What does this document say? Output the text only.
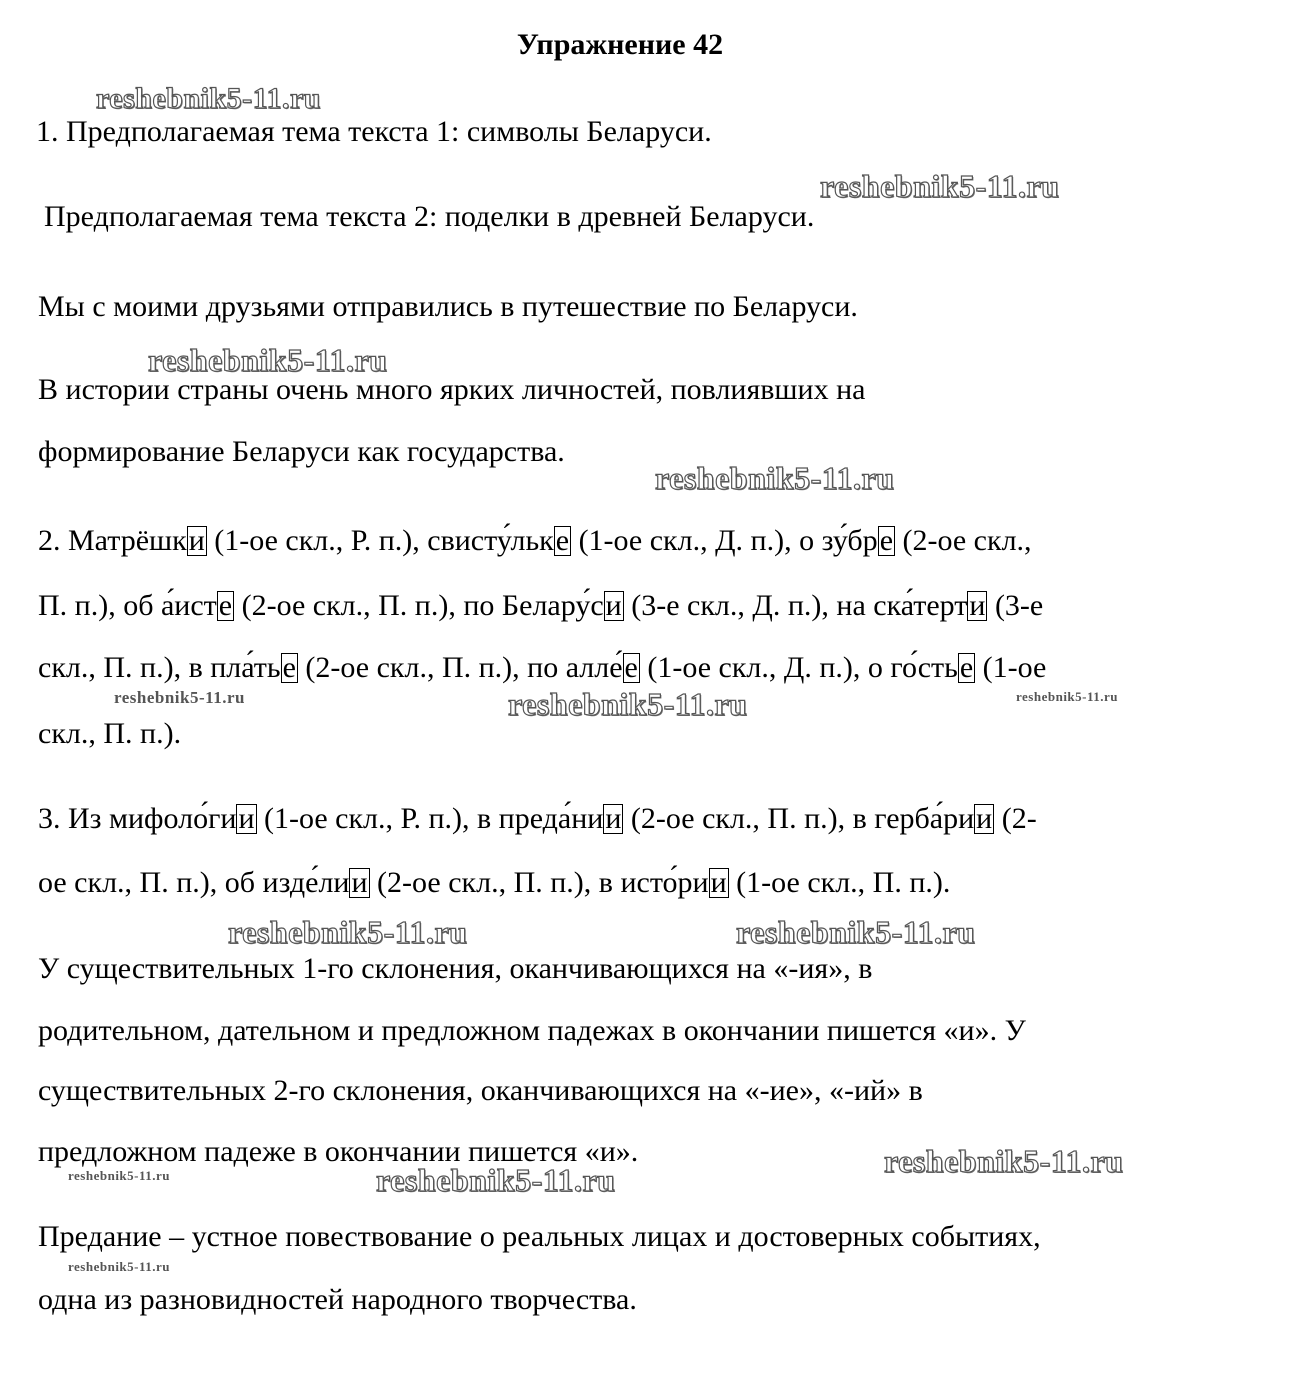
Упражнение 42
1. Предполагаемая тема текста 1: символы Беларуси.
Предполагаемая тема текста 2: поделки в древней Беларуси.
Мы с моими друзьями отправились в путешествие по Беларуси.
В истории страны очень много ярких личностей, повлиявших на
формирование Беларуси как государства.
2. Матрёшки (1-ое скл., Р. п.), свисту́льке (1-ое скл., Д. п.), о зу́бре (2-ое скл.,
П. п.), об а́исте (2-ое скл., П. п.), по Белару́си (3-е скл., Д. п.), на ска́терти (3-е
скл., П. п.), в пла́тье (2-ое скл., П. п.), по алле́е (1-ое скл., Д. п.), о го́стье (1-ое
скл., П. п.).
3. Из мифоло́гии (1-ое скл., Р. п.), в преда́нии (2-ое скл., П. п.), в герба́рии (2-
ое скл., П. п.), об изде́лии (2-ое скл., П. п.), в исто́рии (1-ое скл., П. п.).
У существительных 1-го склонения, оканчивающихся на «-ия», в
родительном, дательном и предложном падежах в окончании пишется «и». У
существительных 2-го склонения, оканчивающихся на «-ие», «-ий» в
предложном падеже в окончании пишется «и».
Предание – устное повествование о реальных лицах и достоверных событиях,
одна из разновидностей народного творчества.
reshebnik5-11.ru
reshebnik5-11.ru
reshebnik5-11.ru
reshebnik5-11.ru
reshebnik5-11.ru	reshebnik5-11.ru	reshebnik5-11.ru
reshebnik5-11.ru	reshebnik5-11.ru
reshebnik5-11.ru
reshebnik5-11.ru	reshebnik5-11.ru
reshebnik5-11.ru
